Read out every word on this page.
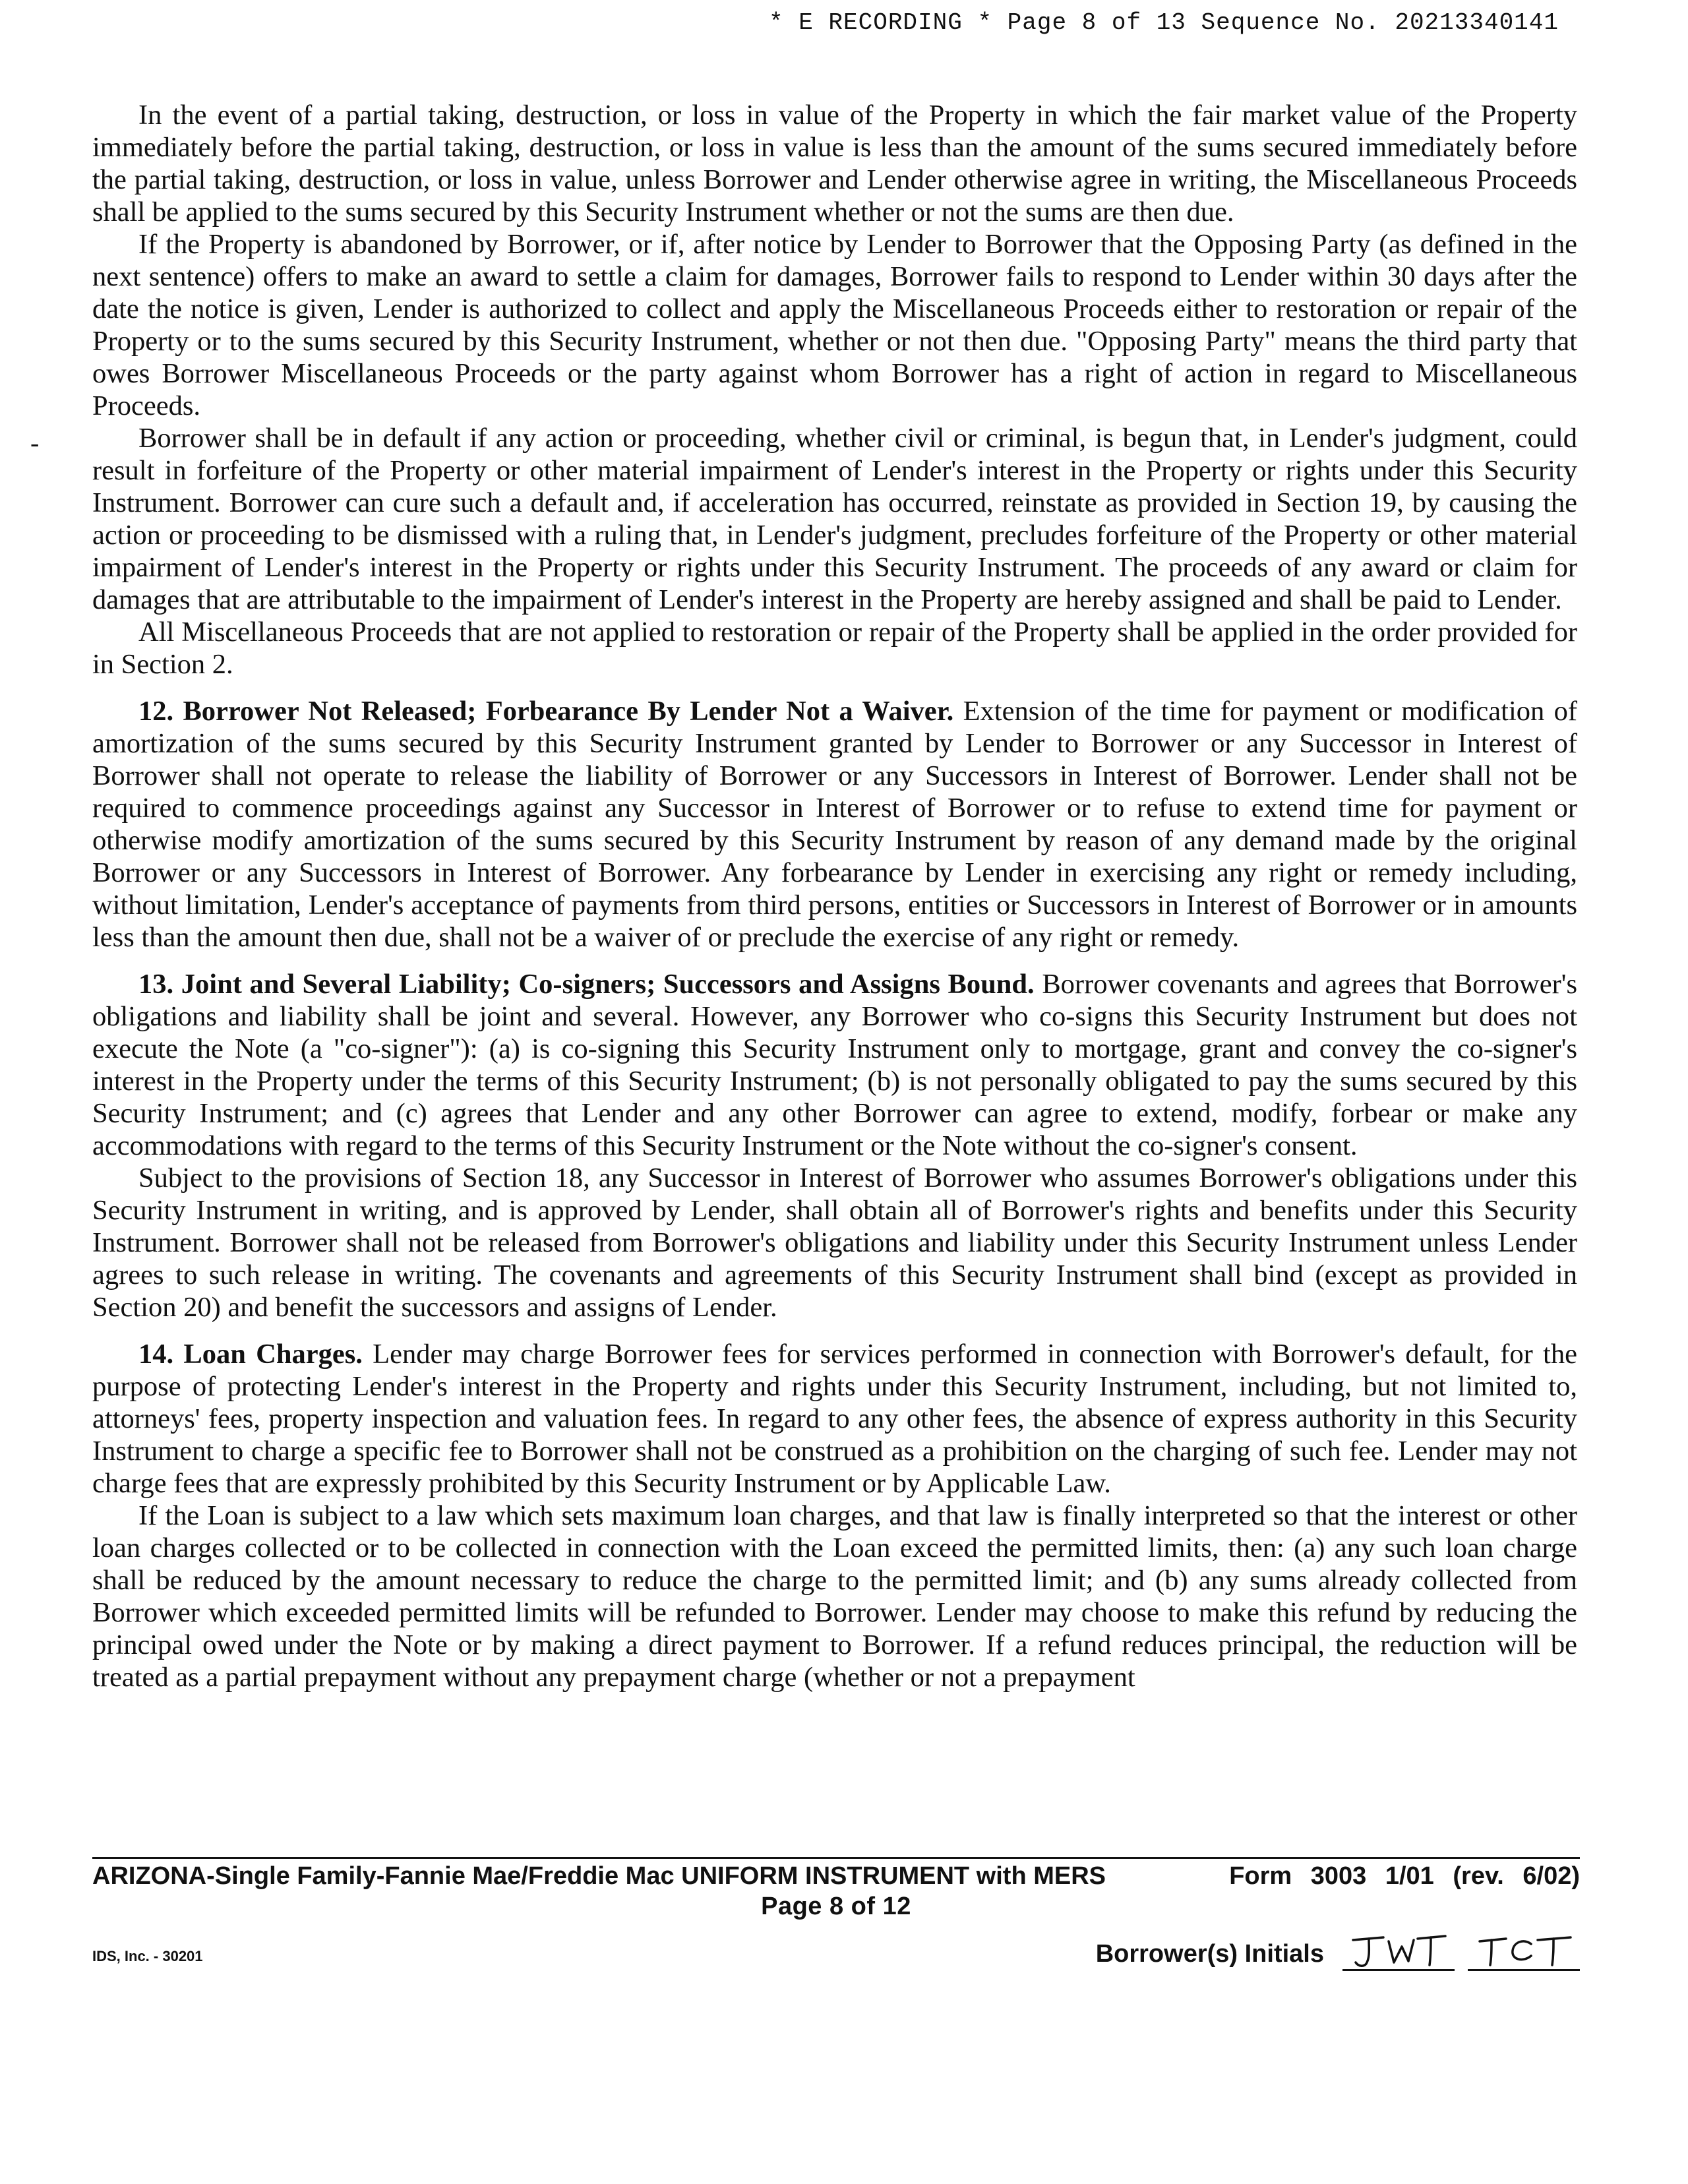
* E RECORDING * Page 8 of 13 Sequence No. 20213340141
-

In the event of a partial taking, destruction, or loss in value of the Property in which the fair market value of the Property immediately before the partial taking, destruction, or loss in value is less than the amount of the sums secured immediately before the partial taking, destruction, or loss in value, unless Borrower and Lender otherwise agree in writing, the Miscellaneous Proceeds shall be applied to the sums secured by this Security Instrument whether or not the sums are then due.

If the Property is abandoned by Borrower, or if, after notice by Lender to Borrower that the Opposing Party (as defined in the next sentence) offers to make an award to settle a claim for damages, Borrower fails to respond to Lender within 30 days after the date the notice is given, Lender is authorized to collect and apply the Miscellaneous Proceeds either to restoration or repair of the Property or to the sums secured by this Security Instrument, whether or not then due. "Opposing Party" means the third party that owes Borrower Miscellaneous Proceeds or the party against whom Borrower has a right of action in regard to Miscellaneous Proceeds.

Borrower shall be in default if any action or proceeding, whether civil or criminal, is begun that, in Lender's judgment, could result in forfeiture of the Property or other material impairment of Lender's interest in the Property or rights under this Security Instrument. Borrower can cure such a default and, if acceleration has occurred, reinstate as provided in Section 19, by causing the action or proceeding to be dismissed with a ruling that, in Lender's judgment, precludes forfeiture of the Property or other material impairment of Lender's interest in the Property or rights under this Security Instrument. The proceeds of any award or claim for damages that are attributable to the impairment of Lender's interest in the Property are hereby assigned and shall be paid to Lender.

All Miscellaneous Proceeds that are not applied to restoration or repair of the Property shall be applied in the order provided for in Section 2.

12. Borrower Not Released; Forbearance By Lender Not a Waiver. Extension of the time for payment or modification of amortization of the sums secured by this Security Instrument granted by Lender to Borrower or any Successor in Interest of Borrower shall not operate to release the liability of Borrower or any Successors in Interest of Borrower. Lender shall not be required to commence proceedings against any Successor in Interest of Borrower or to refuse to extend time for payment or otherwise modify amortization of the sums secured by this Security Instrument by reason of any demand made by the original Borrower or any Successors in Interest of Borrower. Any forbearance by Lender in exercising any right or remedy including, without limitation, Lender's acceptance of payments from third persons, entities or Successors in Interest of Borrower or in amounts less than the amount then due, shall not be a waiver of or preclude the exercise of any right or remedy.

13. Joint and Several Liability; Co-signers; Successors and Assigns Bound. Borrower covenants and agrees that Borrower's obligations and liability shall be joint and several. However, any Borrower who co-signs this Security Instrument but does not execute the Note (a "co-signer"): (a) is co-signing this Security Instrument only to mortgage, grant and convey the co-signer's interest in the Property under the terms of this Security Instrument; (b) is not personally obligated to pay the sums secured by this Security Instrument; and (c) agrees that Lender and any other Borrower can agree to extend, modify, forbear or make any accommodations with regard to the terms of this Security Instrument or the Note without the co-signer's consent.

Subject to the provisions of Section 18, any Successor in Interest of Borrower who assumes Borrower's obligations under this Security Instrument in writing, and is approved by Lender, shall obtain all of Borrower's rights and benefits under this Security Instrument. Borrower shall not be released from Borrower's obligations and liability under this Security Instrument unless Lender agrees to such release in writing. The covenants and agreements of this Security Instrument shall bind (except as provided in Section 20) and benefit the successors and assigns of Lender.

14. Loan Charges. Lender may charge Borrower fees for services performed in connection with Borrower's default, for the purpose of protecting Lender's interest in the Property and rights under this Security Instrument, including, but not limited to, attorneys' fees, property inspection and valuation fees. In regard to any other fees, the absence of express authority in this Security Instrument to charge a specific fee to Borrower shall not be construed as a prohibition on the charging of such fee. Lender may not charge fees that are expressly prohibited by this Security Instrument or by Applicable Law.

If the Loan is subject to a law which sets maximum loan charges, and that law is finally interpreted so that the interest or other loan charges collected or to be collected in connection with the Loan exceed the permitted limits, then: (a) any such loan charge shall be reduced by the amount necessary to reduce the charge to the permitted limit; and (b) any sums already collected from Borrower which exceeded permitted limits will be refunded to Borrower. Lender may choose to make this refund by reducing the principal owed under the Note or by making a direct payment to Borrower. If a refund reduces principal, the reduction will be treated as a partial prepayment without any prepayment charge (whether or not a prepayment

ARIZONA-Single Family-Fannie Mae/Freddie Mac UNIFORM INSTRUMENT with MERS	Form 3003 1/01 (rev. 6/02)
Page 8 of 12
IDS, Inc. - 30201	Borrower(s) Initials
